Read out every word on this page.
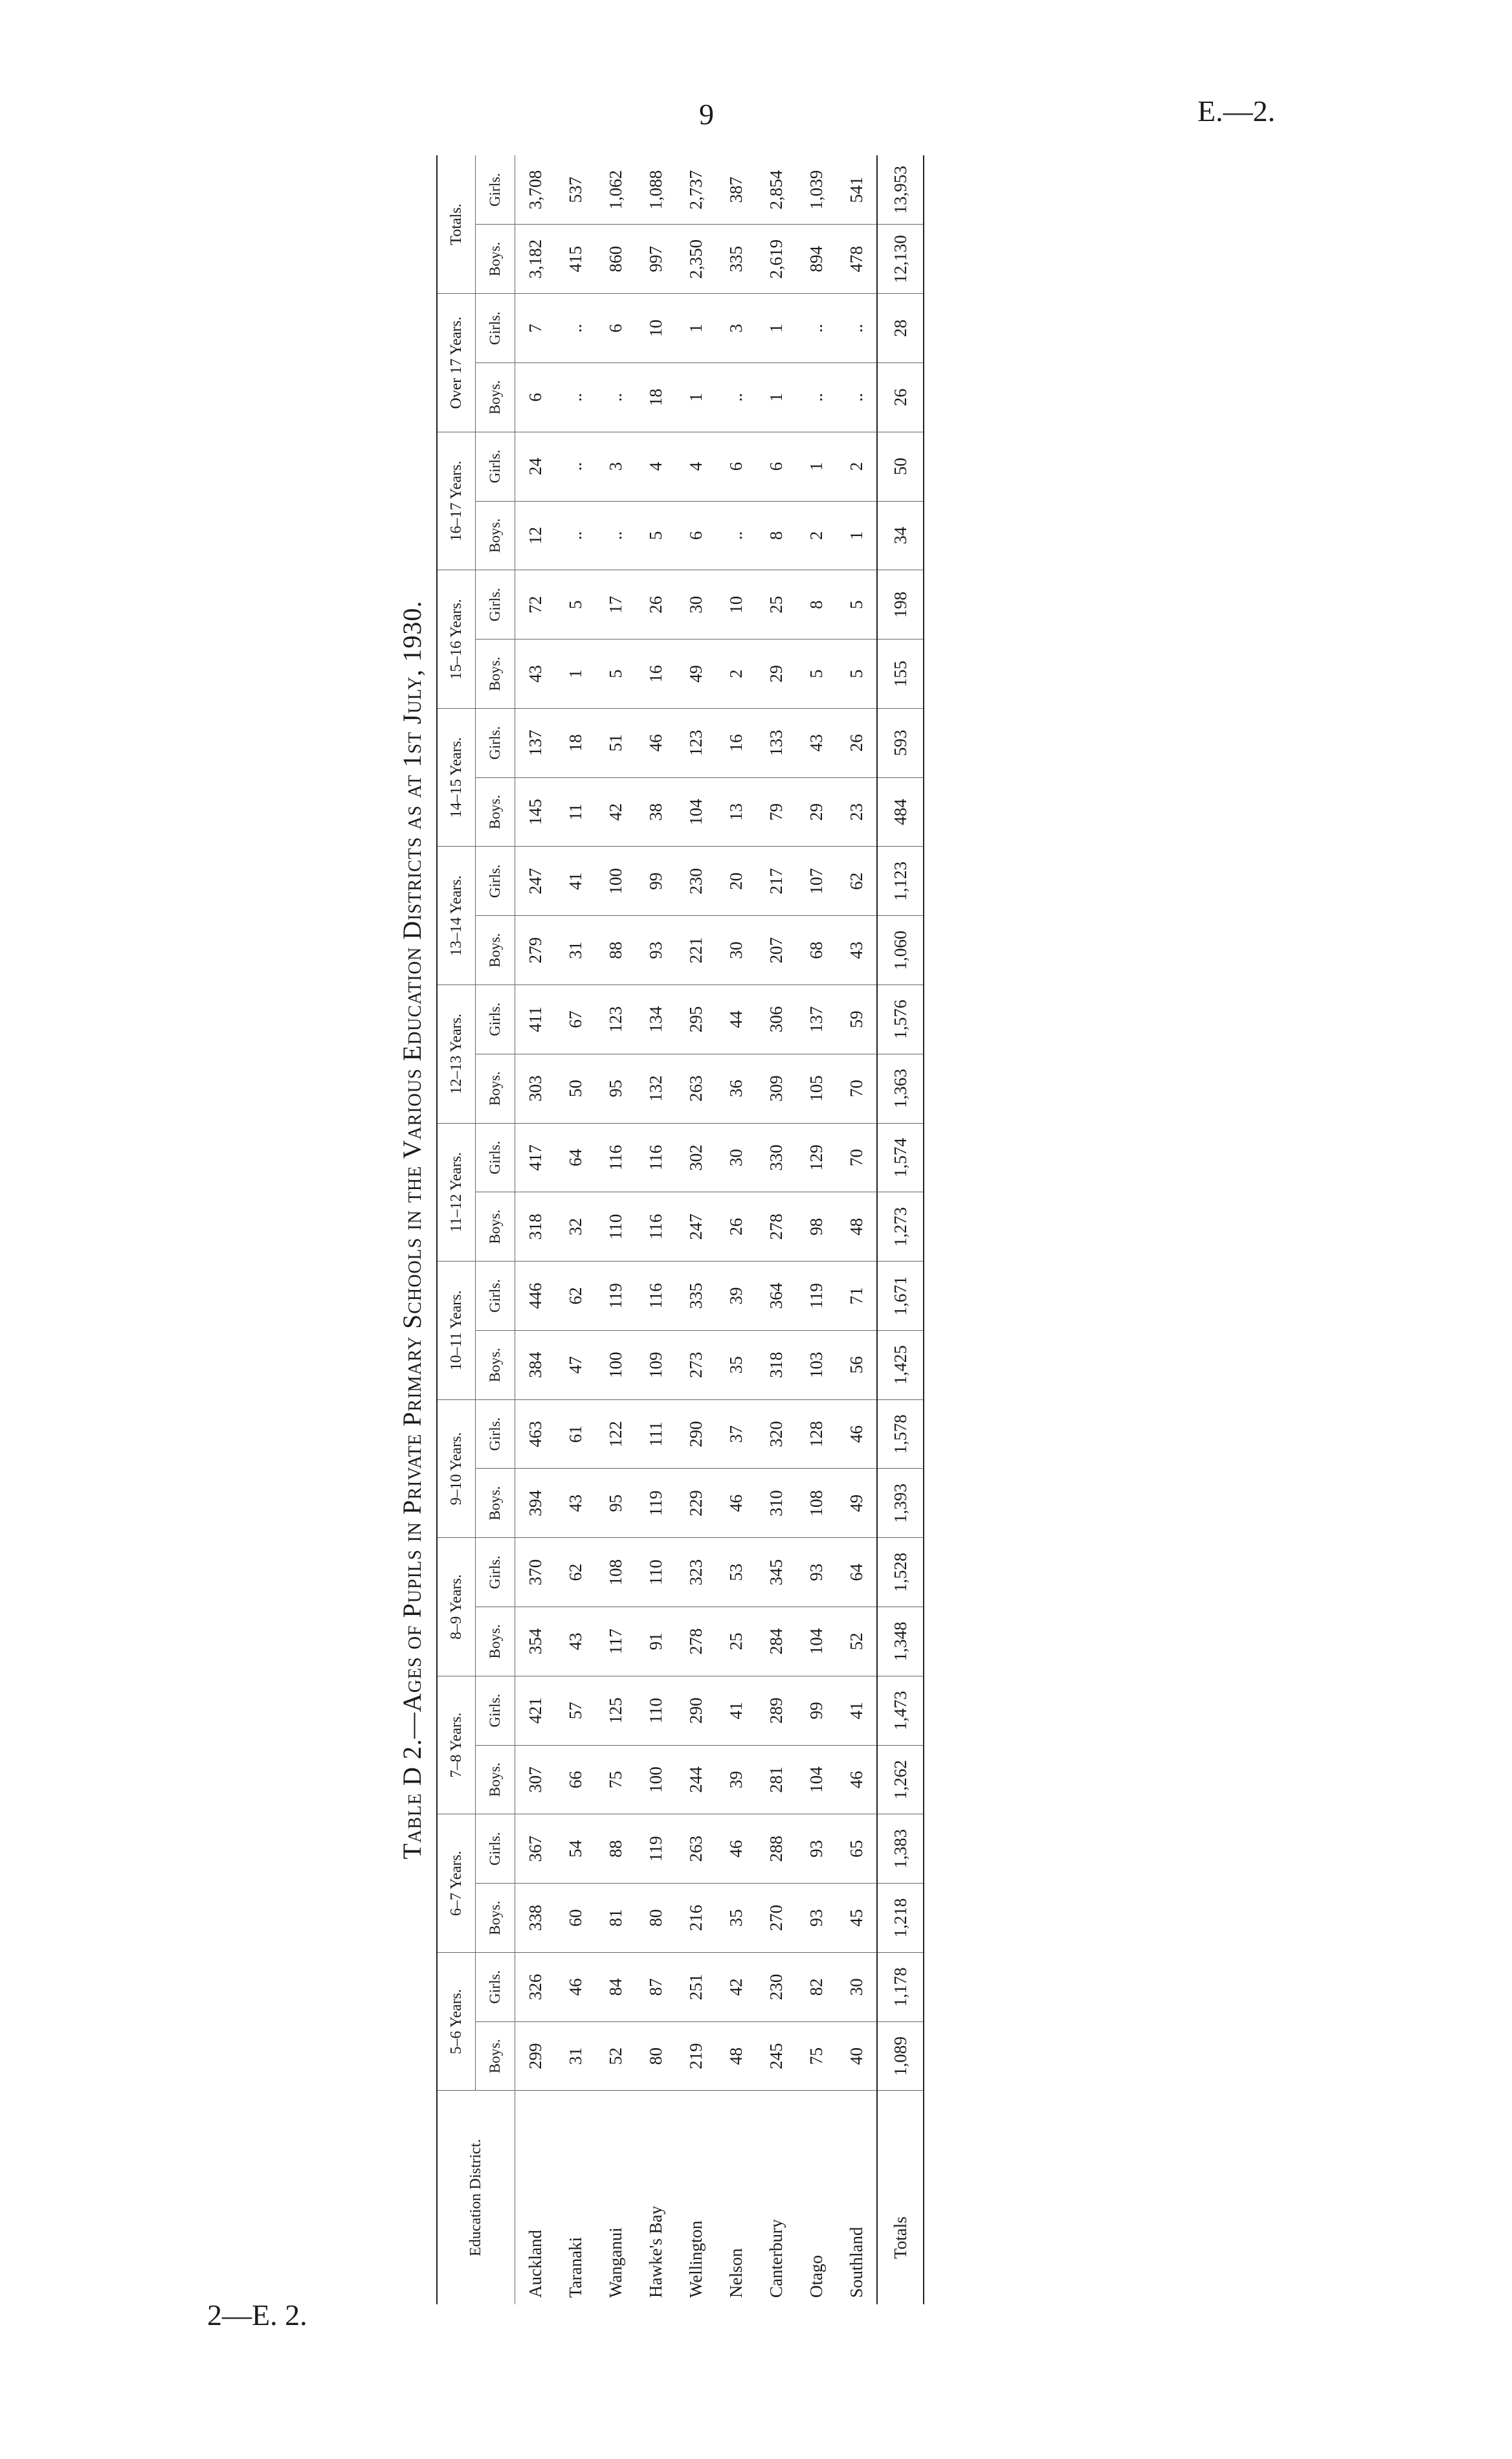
9	E.—2.
2—E. 2.
Table D 2.—Ages of Pupils in Private Primary Schools in the Various Education Districts as at 1st July, 1930.
Education District.	5–6 Years.		6–7 Years.		7–8 Years.		8–9 Years.		9–10 Years.		10–11 Years.		11–12 Years.		12–13 Years.		13–14 Years.		14–15 Years.		15–16 Years.		16–17 Years.		Over 17 Years.		Totals.	
	Boys.	Girls.	Boys.	Girls.	Boys.	Girls.	Boys.	Girls.	Boys.	Girls.	Boys.	Girls.	Boys.	Girls.	Boys.	Girls.	Boys.	Girls.	Boys.	Girls.	Boys.	Girls.	Boys.	Girls.	Boys.	Girls.	Boys.	Girls.
Auckland	299	326	338	367	307	421	354	370	394	463	384	446	318	417	303	411	279	247	145	137	43	72	12	24	6	7	3,182	3,708
Taranaki	31	46	60	54	66	57	43	62	43	61	47	62	32	64	50	67	31	41	11	18	1	5	..	..	..	..	415	537
Wanganui	52	84	81	88	75	125	117	108	95	122	100	119	110	116	95	123	88	100	42	51	5	17	..	3	..	6	860	1,062
Hawke's Bay	80	87	80	119	100	110	91	110	119	111	109	116	116	116	132	134	93	99	38	46	16	26	5	4	18	10	997	1,088
Wellington	219	251	216	263	244	290	278	323	229	290	273	335	247	302	263	295	221	230	104	123	49	30	6	4	1	1	2,350	2,737
Nelson	48	42	35	46	39	41	25	53	46	37	35	39	26	30	36	44	30	20	13	16	2	10	..	6	..	3	335	387
Canterbury	245	230	270	288	281	289	284	345	310	320	318	364	278	330	309	306	207	217	79	133	29	25	8	6	1	1	2,619	2,854
Otago	75	82	93	93	104	99	104	93	108	128	103	119	98	129	105	137	68	107	29	43	5	8	2	1	..	..	894	1,039
Southland	40	30	45	65	46	41	52	64	49	46	56	71	48	70	70	59	43	62	23	26	5	5	1	2	..	..	478	541
Totals	1,089	1,178	1,218	1,383	1,262	1,473	1,348	1,528	1,393	1,578	1,425	1,671	1,273	1,574	1,363	1,576	1,060	1,123	484	593	155	198	34	50	26	28	12,130	13,953
